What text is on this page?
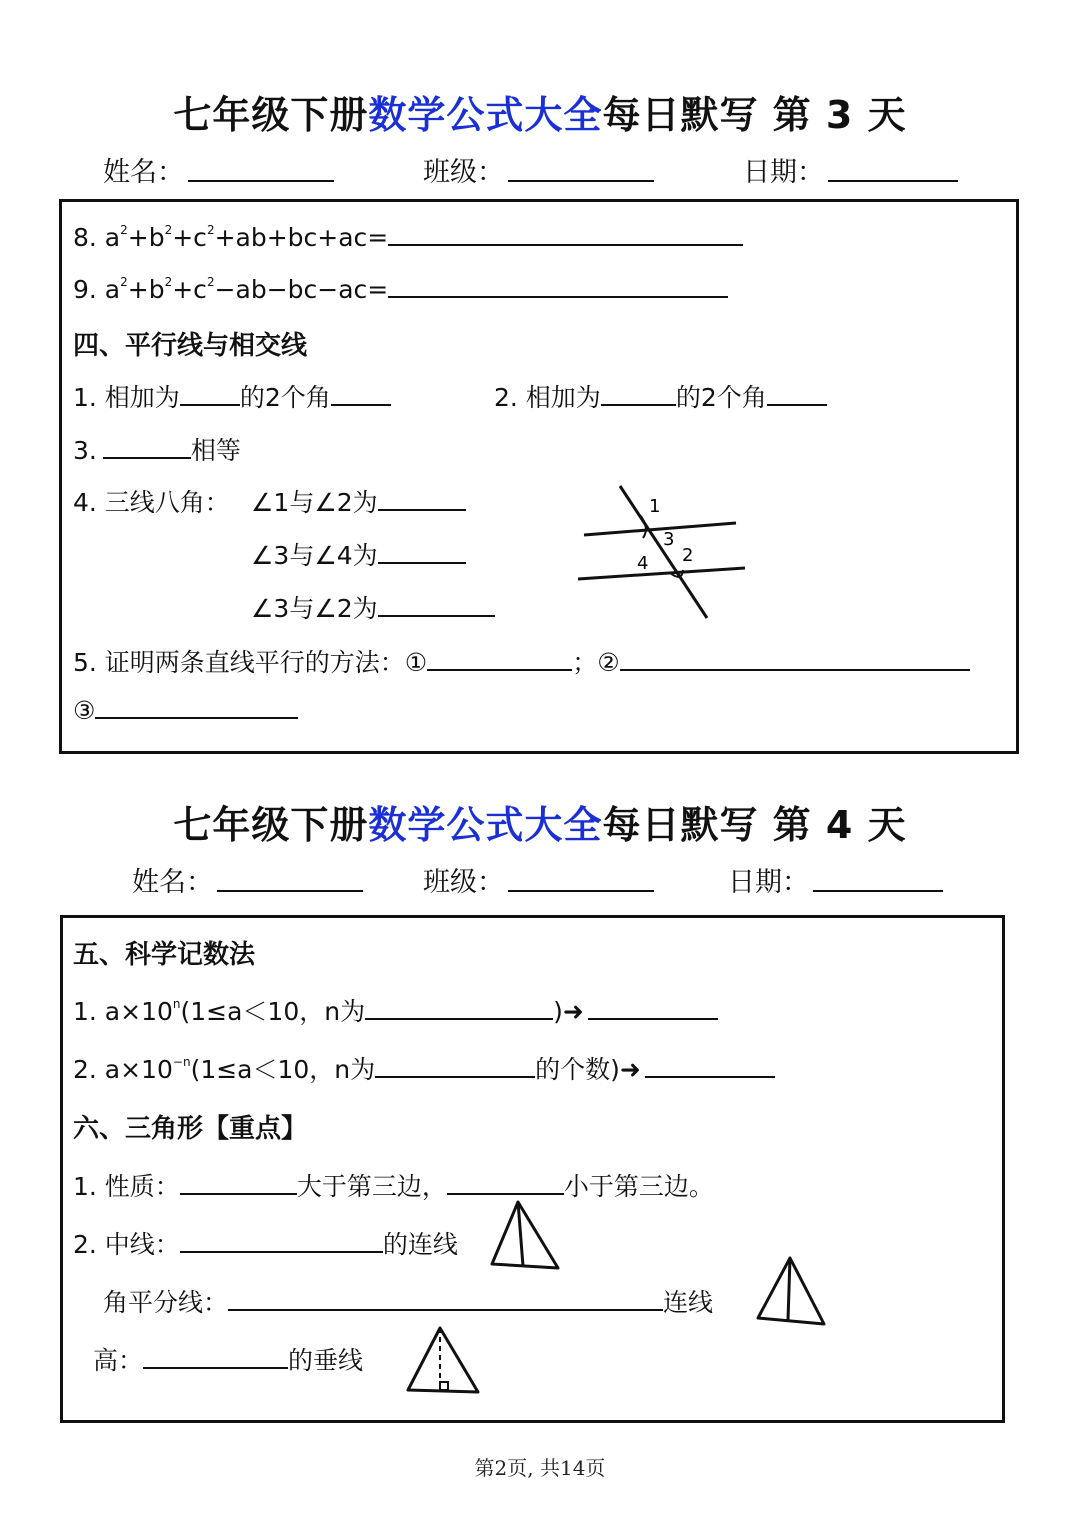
七年级下册数学公式大全每日默写 第 3 天
姓名：	班级：	日期：
8. $a^2+b^2+c^2+ab+bc+ac=$
9. $a^2+b^2+c^2-ab-bc-ac=$
四、平行线与相交线
1. 相加为 的2个角	2. 相加为	的2个角
3.	相等
4. 三线八角： ∠1与∠2为
∠3与∠4为
∠3与∠2为
1
3
4 2
5. 证明两条直线平行的方法：①	；②
③
七年级下册数学公式大全每日默写 第 4 天
姓名：	班级：	日期：
五、科学记数法
1. $a\times 10^n(1\le a<10$，n为	)➜
2. $a\times 10^{-n}(1\le a<10$，n为	的个数)➜
六、三角形【重点】
1. 性质：	大于第三边，	小于第三边。
2. 中线：	的连线
角平分线：	连线
高：	的垂线
第2页, 共14页
